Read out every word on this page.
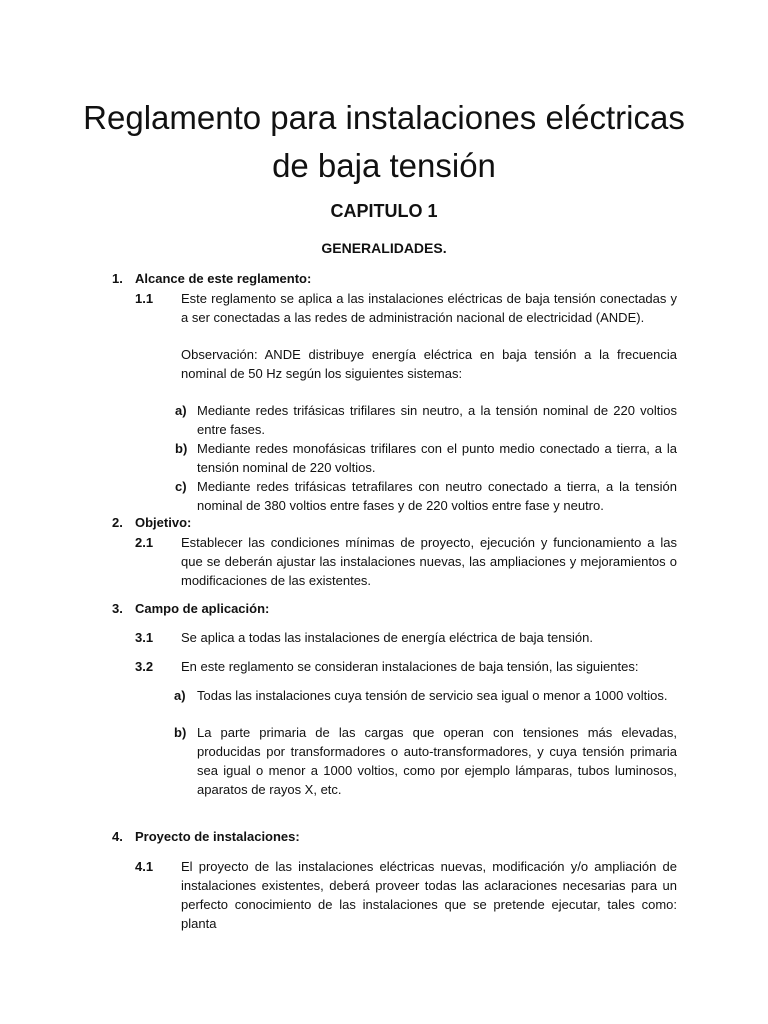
Reglamento para instalaciones eléctricas
de baja tensión
CAPITULO 1
GENERALIDADES.
1. Alcance de este reglamento:
1.1 Este reglamento se aplica a las instalaciones eléctricas de baja tensión conectadas y a ser conectadas a las redes de administración nacional de electricidad (ANDE).
Observación: ANDE distribuye energía eléctrica en baja tensión a la frecuencia nominal de 50 Hz según los siguientes sistemas:
a) Mediante redes trifásicas trifilares sin neutro, a la tensión nominal de 220 voltios entre fases.
b) Mediante redes monofásicas trifilares con el punto medio conectado a tierra, a la tensión nominal de 220 voltios.
c) Mediante redes trifásicas tetrafilares con neutro conectado a tierra, a la tensión nominal de 380 voltios entre fases y de 220 voltios entre fase y neutro.
2. Objetivo:
2.1 Establecer las condiciones mínimas de proyecto, ejecución y funcionamiento a las que se deberán ajustar las instalaciones nuevas, las ampliaciones y mejoramientos o modificaciones de las existentes.
3. Campo de aplicación:
3.1 Se aplica a todas las instalaciones de energía eléctrica de baja tensión.
3.2 En este reglamento se consideran instalaciones de baja tensión, las siguientes:
a) Todas las instalaciones cuya tensión de servicio sea igual o menor a 1000 voltios.
b) La parte primaria de las cargas que operan con tensiones más elevadas, producidas por transformadores o auto-transformadores, y cuya tensión primaria sea igual o menor a 1000 voltios, como por ejemplo lámparas, tubos luminosos, aparatos de rayos X, etc.
4. Proyecto de instalaciones:
4.1 El proyecto de las instalaciones eléctricas nuevas, modificación y/o ampliación de instalaciones existentes, deberá proveer todas las aclaraciones necesarias para un perfecto conocimiento de las instalaciones que se pretende ejecutar, tales como: planta
